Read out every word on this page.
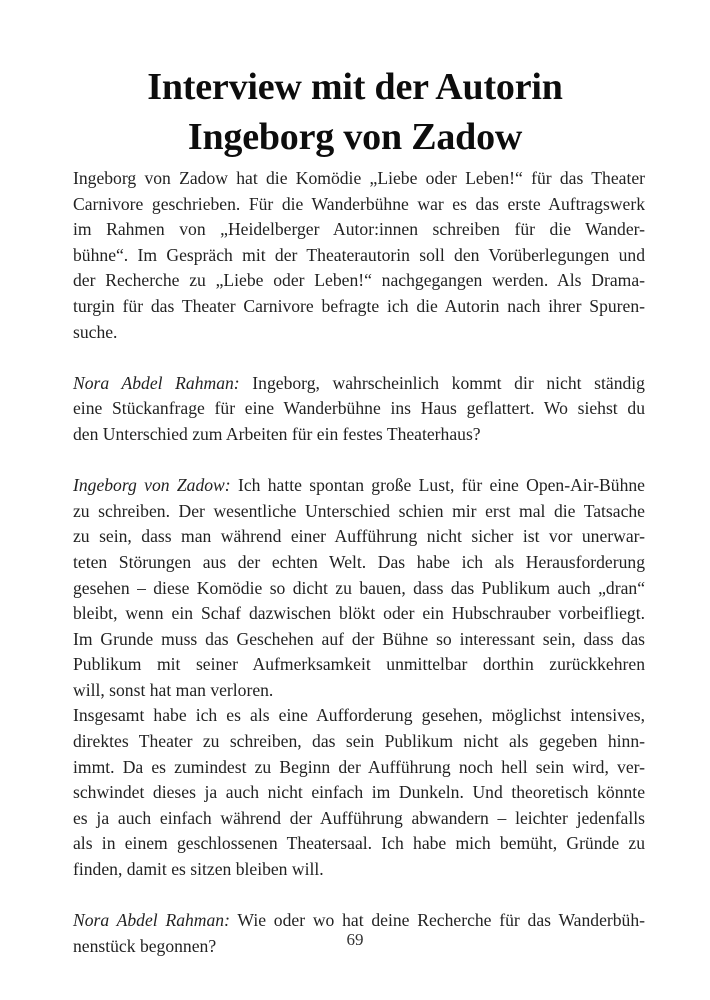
Interview mit der Autorin
Ingeborg von Zadow
Ingeborg von Zadow hat die Komödie „Liebe oder Leben!“ für das Theater
Carnivore geschrieben. Für die Wanderbühne war es das erste Auftragswerk
im Rahmen von „Heidelberger Autor:innen schreiben für die Wander-
bühne“. Im Gespräch mit der Theaterautorin soll den Vorüberlegungen und
der Recherche zu „Liebe oder Leben!“ nachgegangen werden. Als Drama-
turgin für das Theater Carnivore befragte ich die Autorin nach ihrer Spuren-
suche.
Nora Abdel Rahman: Ingeborg, wahrscheinlich kommt dir nicht ständig
eine Stückanfrage für eine Wanderbühne ins Haus geflattert. Wo siehst du
den Unterschied zum Arbeiten für ein festes Theaterhaus?
Ingeborg von Zadow: Ich hatte spontan große Lust, für eine Open-Air-Bühne
zu schreiben. Der wesentliche Unterschied schien mir erst mal die Tatsache
zu sein, dass man während einer Aufführung nicht sicher ist vor unerwar-
teten Störungen aus der echten Welt. Das habe ich als Herausforderung
gesehen – diese Komödie so dicht zu bauen, dass das Publikum auch „dran“
bleibt, wenn ein Schaf dazwischen blökt oder ein Hubschrauber vorbeifliegt.
Im Grunde muss das Geschehen auf der Bühne so interessant sein, dass das
Publikum mit seiner Aufmerksamkeit unmittelbar dorthin zurückkehren
will, sonst hat man verloren.
Insgesamt habe ich es als eine Aufforderung gesehen, möglichst intensives,
direktes Theater zu schreiben, das sein Publikum nicht als gegeben hinn-
immt. Da es zumindest zu Beginn der Aufführung noch hell sein wird, ver-
schwindet dieses ja auch nicht einfach im Dunkeln. Und theoretisch könnte
es ja auch einfach während der Aufführung abwandern – leichter jedenfalls
als in einem geschlossenen Theatersaal. Ich habe mich bemüht, Gründe zu
finden, damit es sitzen bleiben will.
Nora Abdel Rahman: Wie oder wo hat deine Recherche für das Wanderbüh-
nenstück begonnen?	69
